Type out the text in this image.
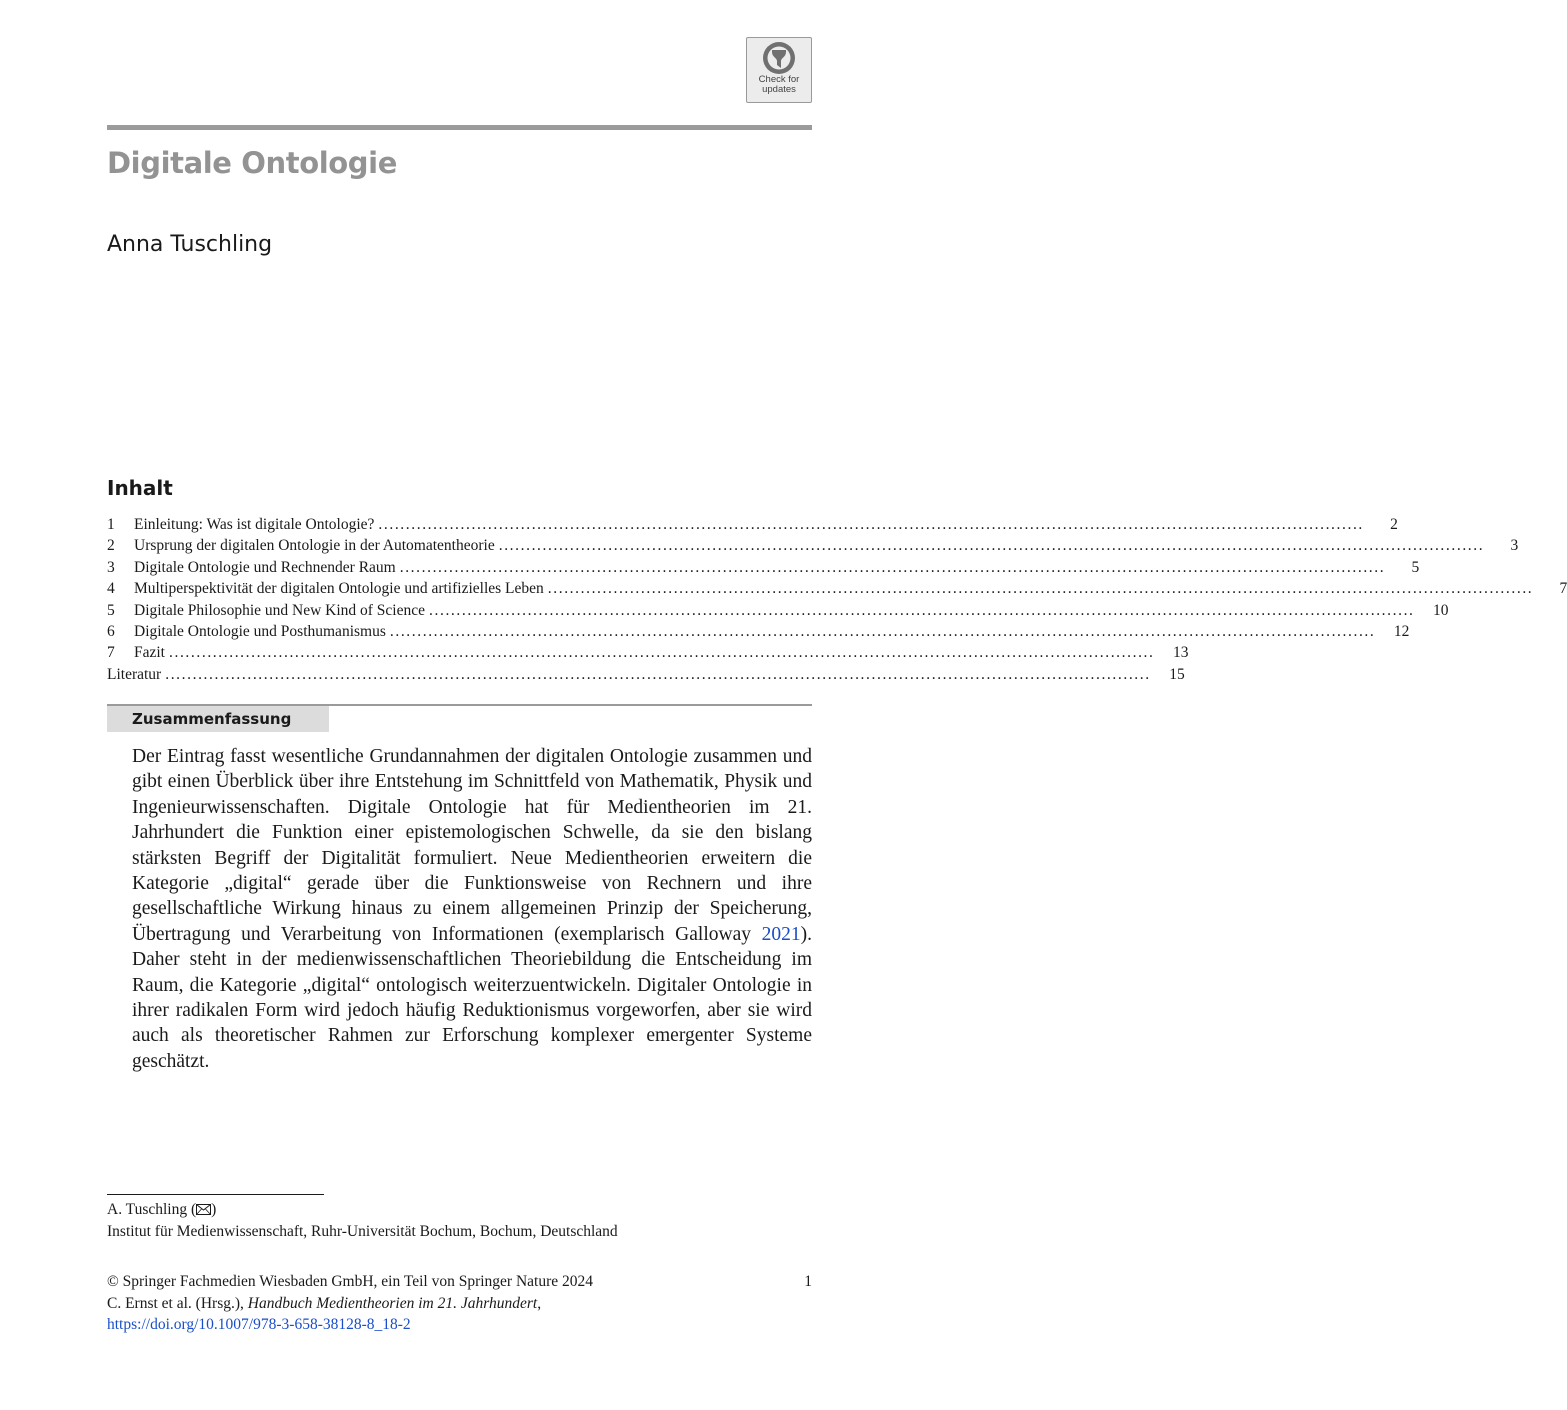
Check for
updates
Digitale Ontologie
Anna Tuschling
Inhalt
1	Einleitung: Was ist digitale Ontologie? ....................................................................................................................................................................................	2
2	Ursprung der digitalen Ontologie in der Automatentheorie ....................................................................................................................................................................................	3
3	Digitale Ontologie und Rechnender Raum ....................................................................................................................................................................................	5
4	Multiperspektivität der digitalen Ontologie und artifizielles Leben ....................................................................................................................................................................................	7
5	Digitale Philosophie und New Kind of Science ....................................................................................................................................................................................	10
6	Digitale Ontologie und Posthumanismus ....................................................................................................................................................................................	12
7	Fazit ....................................................................................................................................................................................	13
Literatur ....................................................................................................................................................................................	15
Zusammenfassung
Der Eintrag fasst wesentliche Grundannahmen der digitalen Ontologie zusammen und gibt einen Überblick über ihre Entstehung im Schnittfeld von Mathematik, Physik und Ingenieurwissenschaften. Digitale Ontologie hat für Medientheorien im 21. Jahrhundert die Funktion einer epistemologischen Schwelle, da sie den bislang stärksten Begriff der Digitalität formuliert. Neue Medientheorien erweitern die Kategorie „digital“ gerade über die Funktionsweise von Rechnern und ihre gesellschaftliche Wirkung hinaus zu einem allgemeinen Prinzip der Speicherung, Übertragung und Verarbeitung von Informationen (exemplarisch Galloway 2021). Daher steht in der medienwissenschaftlichen Theoriebildung die Entscheidung im Raum, die Kategorie „digital“ ontologisch weiterzuentwickeln. Digitaler Ontologie in ihrer radikalen Form wird jedoch häufig Reduktionismus vorgeworfen, aber sie wird auch als theoretischer Rahmen zur Erforschung komplexer emergenter Systeme geschätzt.
A. Tuschling ( )
Institut für Medienwissenschaft, Ruhr-Universität Bochum, Bochum, Deutschland
© Springer Fachmedien Wiesbaden GmbH, ein Teil von Springer Nature 2024	1
C. Ernst et al. (Hrsg.), Handbuch Medientheorien im 21. Jahrhundert,
https://doi.org/10.1007/978-3-658-38128-8_18-2
